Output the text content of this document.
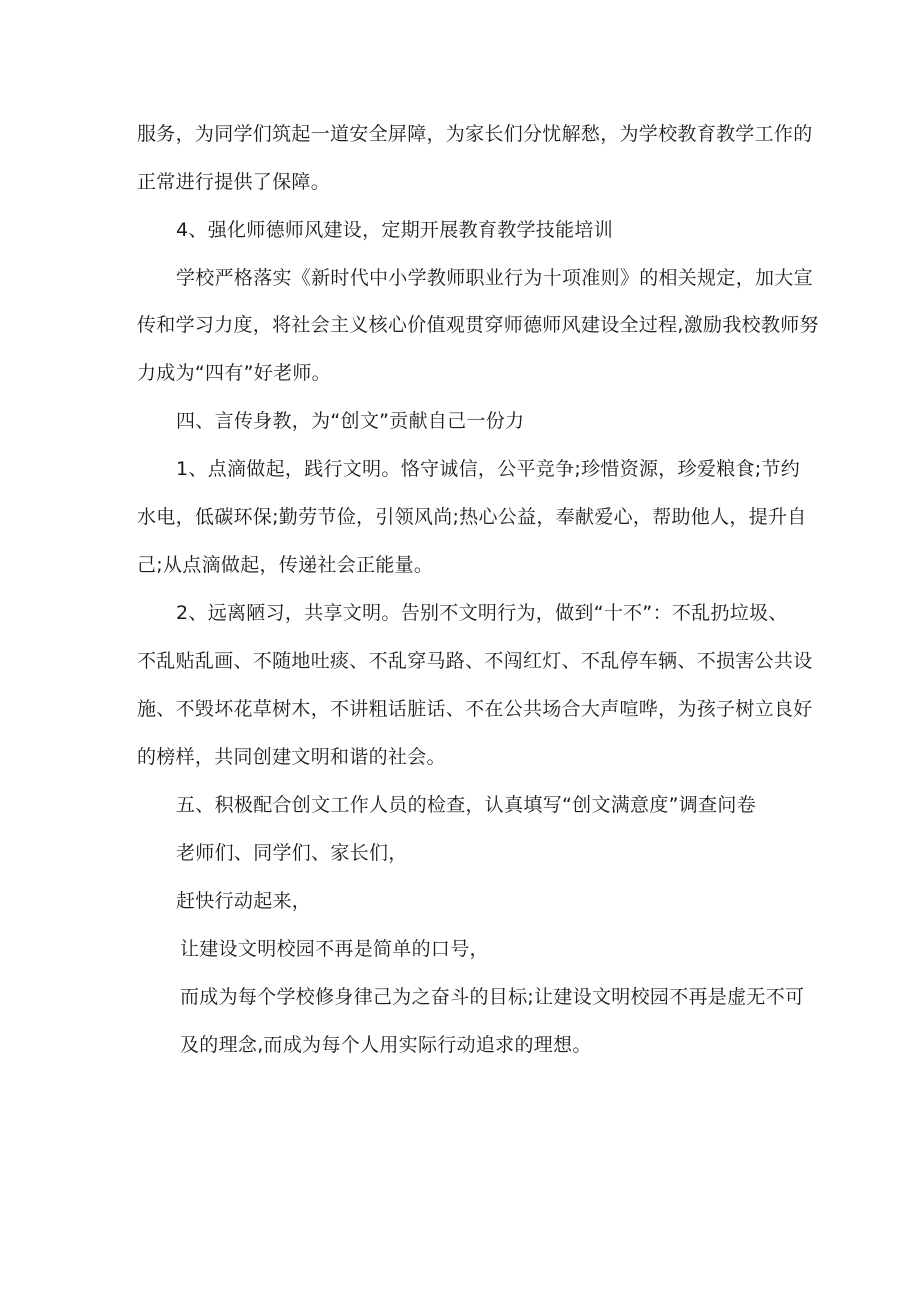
服务，为同学们筑起一道安全屏障，为家长们分忧解愁，为学校教育教学工作的
正常进行提供了保障。
4、强化师德师风建设，定期开展教育教学技能培训
学校严格落实《新时代中小学教师职业行为十项准则》的相关规定，加大宣
传和学习力度，将社会主义核心价值观贯穿师德师风建设全过程,激励我校教师努
力成为“四有”好老师。
四、言传身教，为“创文”贡献自己一份力
1、点滴做起，践行文明。恪守诚信，公平竞争;珍惜资源，珍爱粮食;节约
水电，低碳环保;勤劳节俭，引领风尚;热心公益，奉献爱心，帮助他人，提升自
己;从点滴做起，传递社会正能量。
2、远离陋习，共享文明。告别不文明行为，做到“十不”：不乱扔垃圾、
不乱贴乱画、不随地吐痰、不乱穿马路、不闯红灯、不乱停车辆、不损害公共设
施、不毁坏花草树木，不讲粗话脏话、不在公共场合大声喧哗，为孩子树立良好
的榜样，共同创建文明和谐的社会。
五、积极配合创文工作人员的检查，认真填写“创文满意度”调查问卷
老师们、同学们、家长们，
赶快行动起来，
让建设文明校园不再是简单的口号，
而成为每个学校修身律己为之奋斗的目标;让建设文明校园不再是虚无不可
及的理念,而成为每个人用实际行动追求的理想。
